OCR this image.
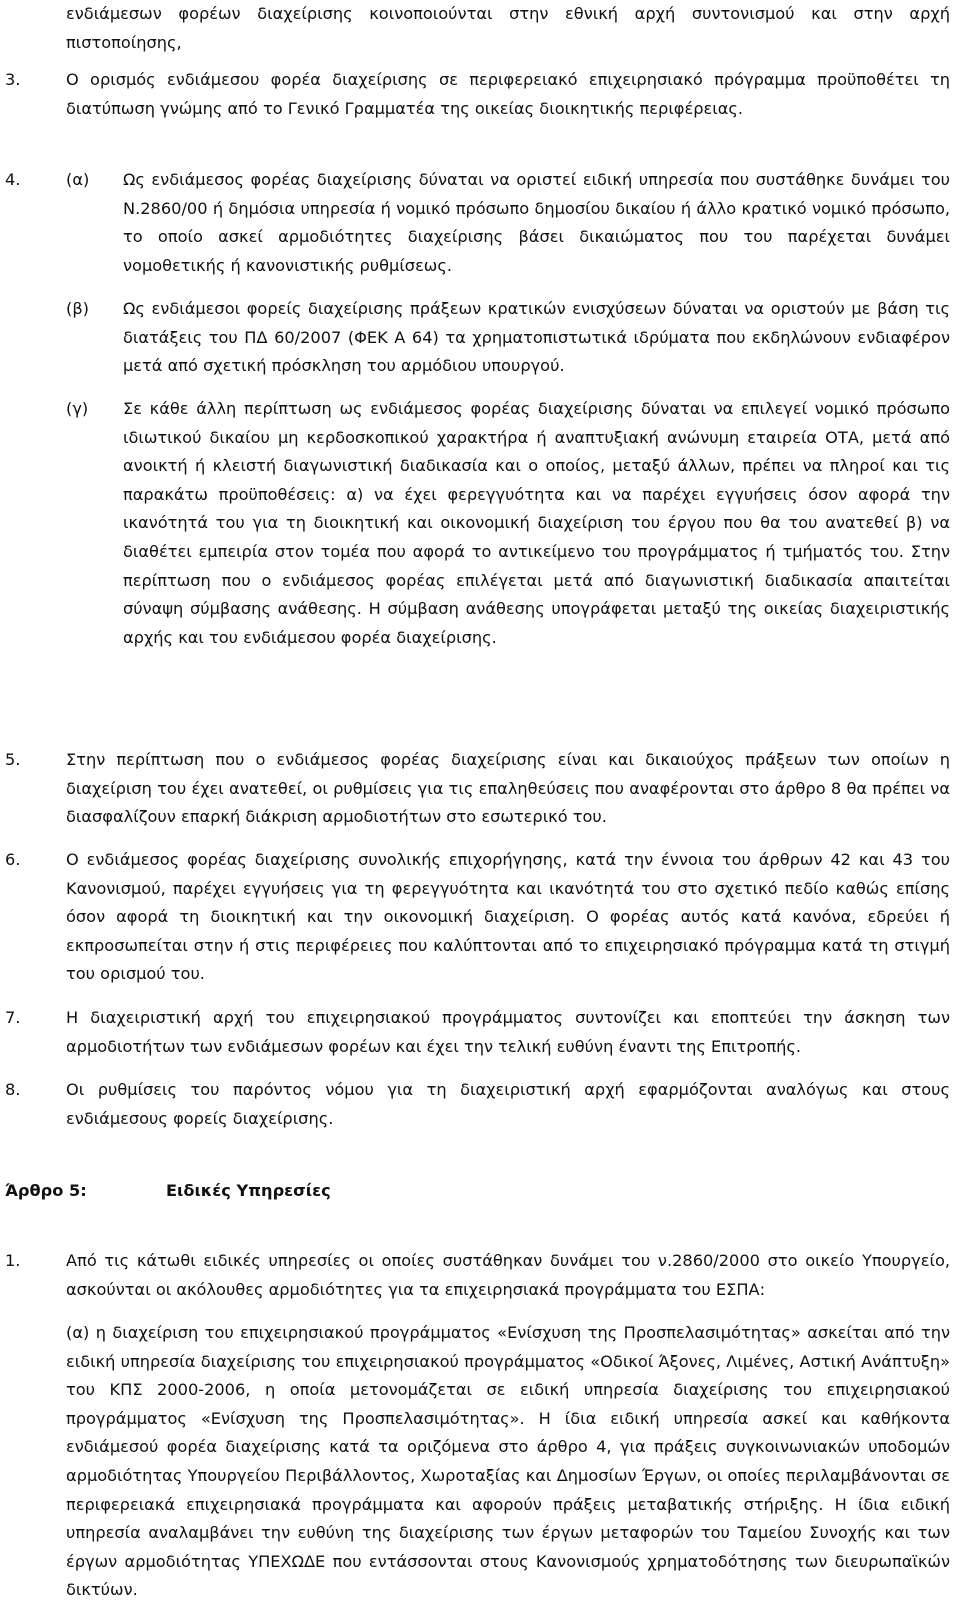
ενδιάμεσων φορέων διαχείρισης κοινοποιούνται στην εθνική αρχή συντονισμού και στην αρχή πιστοποίησης,

3.	Ο ορισμός ενδιάμεσου φορέα διαχείρισης σε περιφερειακό επιχειρησιακό πρόγραμμα προϋποθέτει τη διατύπωση γνώμης από το Γενικό Γραμματέα της οικείας διοικητικής περιφέρειας.

4.	(α) Ως ενδιάμεσος φορέας διαχείρισης δύναται να οριστεί ειδική υπηρεσία που συστάθηκε δυνάμει του Ν.2860/00 ή δημόσια υπηρεσία ή νομικό πρόσωπο δημοσίου δικαίου ή άλλο κρατικό νομικό πρόσωπο, το οποίο ασκεί αρμοδιότητες διαχείρισης βάσει δικαιώματος που του παρέχεται δυνάμει νομοθετικής ή κανονιστικής ρυθμίσεως.

(β) Ως ενδιάμεσοι φορείς διαχείρισης πράξεων κρατικών ενισχύσεων δύναται να οριστούν με βάση τις διατάξεις του ΠΔ 60/2007 (ΦΕΚ Α 64) τα χρηματοπιστωτικά ιδρύματα που εκδηλώνουν ενδιαφέρον μετά από σχετική πρόσκληση του αρμόδιου υπουργού.

(γ) Σε κάθε άλλη περίπτωση ως ενδιάμεσος φορέας διαχείρισης δύναται να επιλεγεί νομικό πρόσωπο ιδιωτικού δικαίου μη κερδοσκοπικού χαρακτήρα ή αναπτυξιακή ανώνυμη εταιρεία ΟΤΑ, μετά από ανοικτή ή κλειστή διαγωνιστική διαδικασία και ο οποίος, μεταξύ άλλων, πρέπει να πληροί και τις παρακάτω προϋποθέσεις: α) να έχει φερεγγυότητα και να παρέχει εγγυήσεις όσον αφορά την ικανότητά του για τη διοικητική και οικονομική διαχείριση του έργου που θα του ανατεθεί β) να διαθέτει εμπειρία στον τομέα που αφορά το αντικείμενο του προγράμματος ή τμήματός του. Στην περίπτωση που ο ενδιάμεσος φορέας επιλέγεται μετά από διαγωνιστική διαδικασία απαιτείται σύναψη σύμβασης ανάθεσης. Η σύμβαση ανάθεσης υπογράφεται μεταξύ της οικείας διαχειριστικής αρχής και του ενδιάμεσου φορέα διαχείρισης.

5.	Στην περίπτωση που ο ενδιάμεσος φορέας διαχείρισης είναι και δικαιούχος πράξεων των οποίων η διαχείριση του έχει ανατεθεί, οι ρυθμίσεις για τις επαληθεύσεις που αναφέρονται στο άρθρο 8 θα πρέπει να διασφαλίζουν επαρκή διάκριση αρμοδιοτήτων στο εσωτερικό του.

6.	Ο ενδιάμεσος φορέας διαχείρισης συνολικής επιχορήγησης, κατά την έννοια του άρθρων 42 και 43 του Κανονισμού, παρέχει εγγυήσεις για τη φερεγγυότητα και ικανότητά του στο σχετικό πεδίο καθώς επίσης όσον αφορά τη διοικητική και την οικονομική διαχείριση. Ο φορέας αυτός κατά κανόνα, εδρεύει ή εκπροσωπείται στην ή στις περιφέρειες που καλύπτονται από το επιχειρησιακό πρόγραμμα κατά τη στιγμή του ορισμού του.

7.	Η διαχειριστική αρχή του επιχειρησιακού προγράμματος συντονίζει και εποπτεύει την άσκηση των αρμοδιοτήτων των ενδιάμεσων φορέων και έχει την τελική ευθύνη έναντι της Επιτροπής.

8.	Οι ρυθμίσεις του παρόντος νόμου για τη διαχειριστική αρχή εφαρμόζονται αναλόγως και στους ενδιάμεσους φορείς διαχείρισης.

Άρθρο 5:	Ειδικές Υπηρεσίες
1.	Από τις κάτωθι ειδικές υπηρεσίες οι οποίες συστάθηκαν δυνάμει του ν.2860/2000 στο οικείο Υπουργείο, ασκούνται οι ακόλουθες αρμοδιότητες για τα επιχειρησιακά προγράμματα του ΕΣΠΑ:

(α) η διαχείριση του επιχειρησιακού προγράμματος «Ενίσχυση της Προσπελασιμότητας» ασκείται από την ειδική υπηρεσία διαχείρισης του επιχειρησιακού προγράμματος «Οδικοί Άξονες, Λιμένες, Αστική Ανάπτυξη» του ΚΠΣ 2000-2006, η οποία μετονομάζεται σε ειδική υπηρεσία διαχείρισης του επιχειρησιακού προγράμματος «Ενίσχυση της Προσπελασιμότητας». Η ίδια ειδική υπηρεσία ασκεί και καθήκοντα ενδιάμεσού φορέα διαχείρισης κατά τα οριζόμενα στο άρθρο 4, για πράξεις συγκοινωνιακών υποδομών αρμοδιότητας Υπουργείου Περιβάλλοντος, Χωροταξίας και Δημοσίων Έργων, οι οποίες περιλαμβάνονται σε περιφερειακά επιχειρησιακά προγράμματα και αφορούν πράξεις μεταβατικής στήριξης. Η ίδια ειδική υπηρεσία αναλαμβάνει την ευθύνη της διαχείρισης των έργων μεταφορών του Ταμείου Συνοχής και των έργων αρμοδιότητας ΥΠΕΧΩΔΕ που εντάσσονται στους Κανονισμούς χρηματοδότησης των διευρωπαϊκών δικτύων.
